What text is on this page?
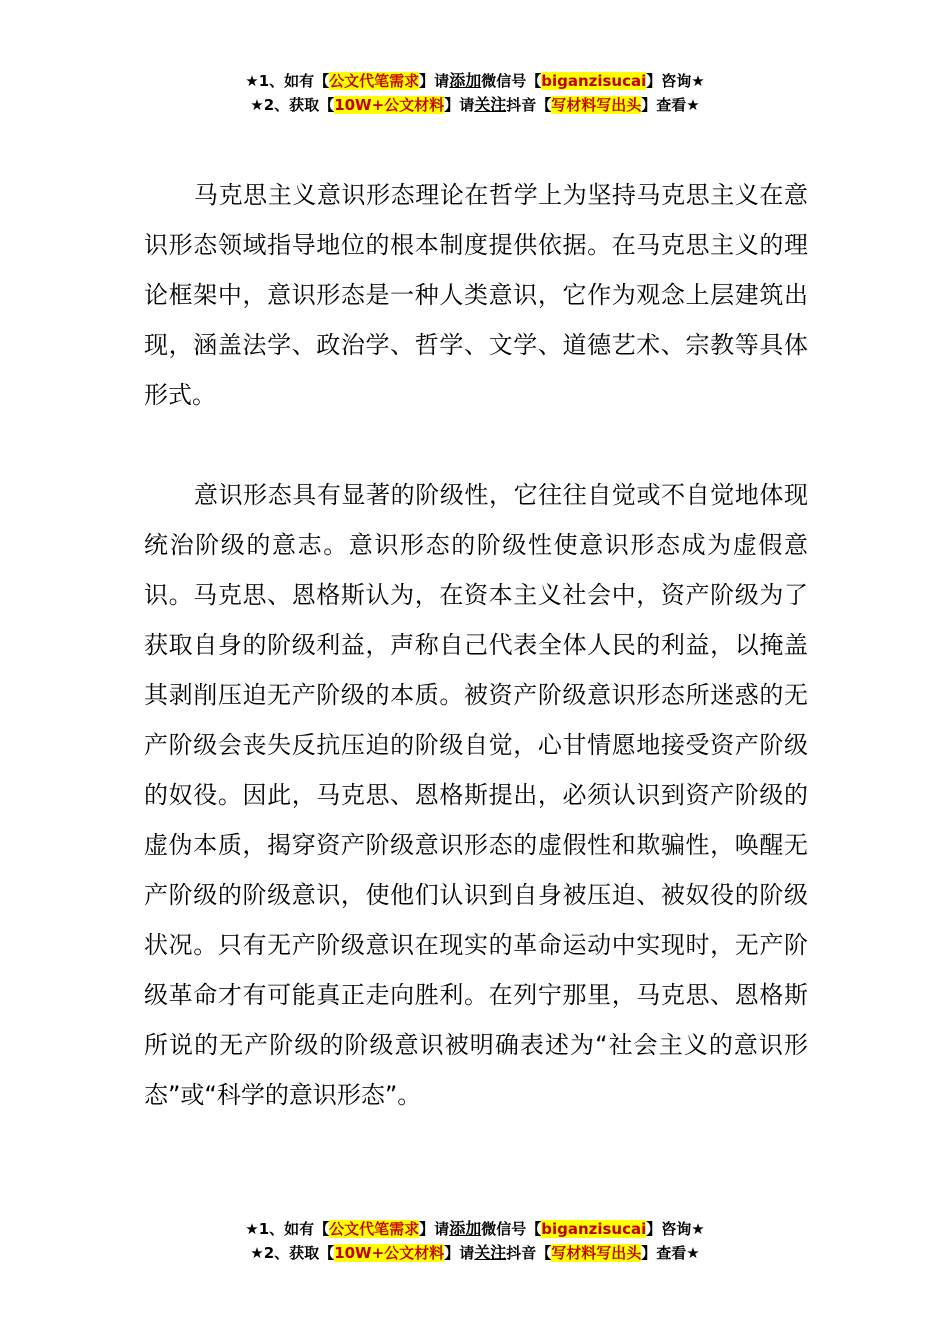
★1、如有【公文代笔需求】请添加微信号【biganzisucai】咨询★
★2、获取【10W+公文材料】请关注抖音【写材料写出头】查看★

马克思主义意识形态理论在哲学上为坚持马克思主义在意识形态领域指导地位的根本制度提供依据。在马克思主义的理论框架中，意识形态是一种人类意识，它作为观念上层建筑出现，涵盖法学、政治学、哲学、文学、道德艺术、宗教等具体形式。

意识形态具有显著的阶级性，它往往自觉或不自觉地体现统治阶级的意志。意识形态的阶级性使意识形态成为虚假意识。马克思、恩格斯认为，在资本主义社会中，资产阶级为了获取自身的阶级利益，声称自己代表全体人民的利益，以掩盖其剥削压迫无产阶级的本质。被资产阶级意识形态所迷惑的无产阶级会丧失反抗压迫的阶级自觉，心甘情愿地接受资产阶级的奴役。因此，马克思、恩格斯提出，必须认识到资产阶级的虚伪本质，揭穿资产阶级意识形态的虚假性和欺骗性，唤醒无产阶级的阶级意识，使他们认识到自身被压迫、被奴役的阶级状况。只有无产阶级意识在现实的革命运动中实现时，无产阶级革命才有可能真正走向胜利。在列宁那里，马克思、恩格斯所说的无产阶级的阶级意识被明确表述为“社会主义的意识形态”或“科学的意识形态”。

★1、如有【公文代笔需求】请添加微信号【biganzisucai】咨询★
★2、获取【10W+公文材料】请关注抖音【写材料写出头】查看★
